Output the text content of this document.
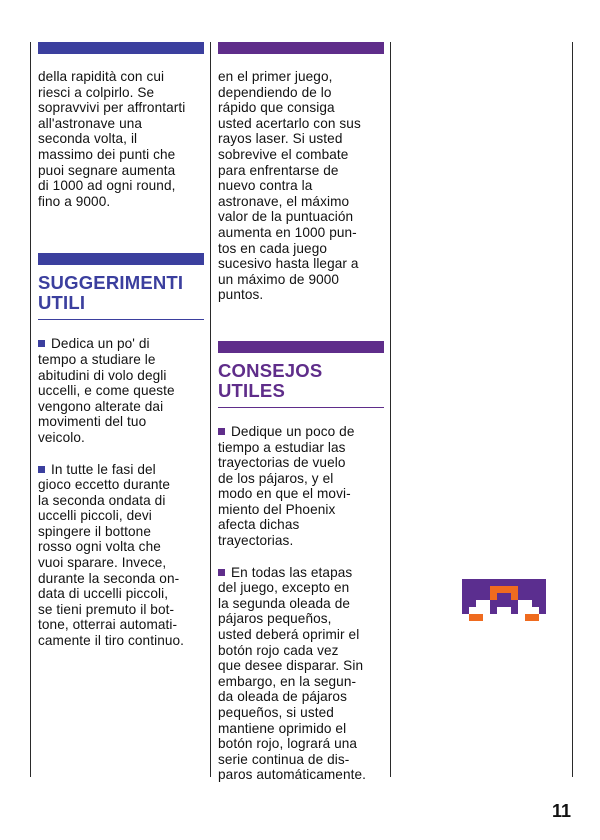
della rapidità con cui
riesci a colpirlo. Se
sopravvivi per affrontarti
all'astronave una
seconda volta, il
massimo dei punti che
puoi segnare aumenta
di 1000 ad ogni round,
fino a 9000.

SUGGERIMENTI
UTILI

Dedica un po' di
tempo a studiare le
abitudini di volo degli
uccelli, e come queste
vengono alterate dai
movimenti del tuo
veicolo.

In tutte le fasi del
gioco eccetto durante
la seconda ondata di
uccelli piccoli, devi
spingere il bottone
rosso ogni volta che
vuoi sparare. Invece,
durante la seconda on-
data di uccelli piccoli,
se tieni premuto il bot-
tone, otterrai automati-
camente il tiro continuo.

en el primer juego,
dependiendo de lo
rápido que consiga
usted acertarlo con sus
rayos laser. Si usted
sobrevive el combate
para enfrentarse de
nuevo contra la
astronave, el máximo
valor de la puntuación
aumenta en 1000 pun-
tos en cada juego
sucesivo hasta llegar a
un máximo de 9000
puntos.

CONSEJOS
UTILES

Dedique un poco de
tiempo a estudiar las
trayectorias de vuelo
de los pájaros, y el
modo en que el movi-
miento del Phoenix
afecta dichas
trayectorias.

En todas las etapas
del juego, excepto en
la segunda oleada de
pájaros pequeños,
usted deberá oprimir el
botón rojo cada vez
que desee disparar. Sin
embargo, en la segun-
da oleada de pájaros
pequeños, si usted
mantiene oprimido el
botón rojo, logrará una
serie continua de dis-
paros automáticamente.

11
